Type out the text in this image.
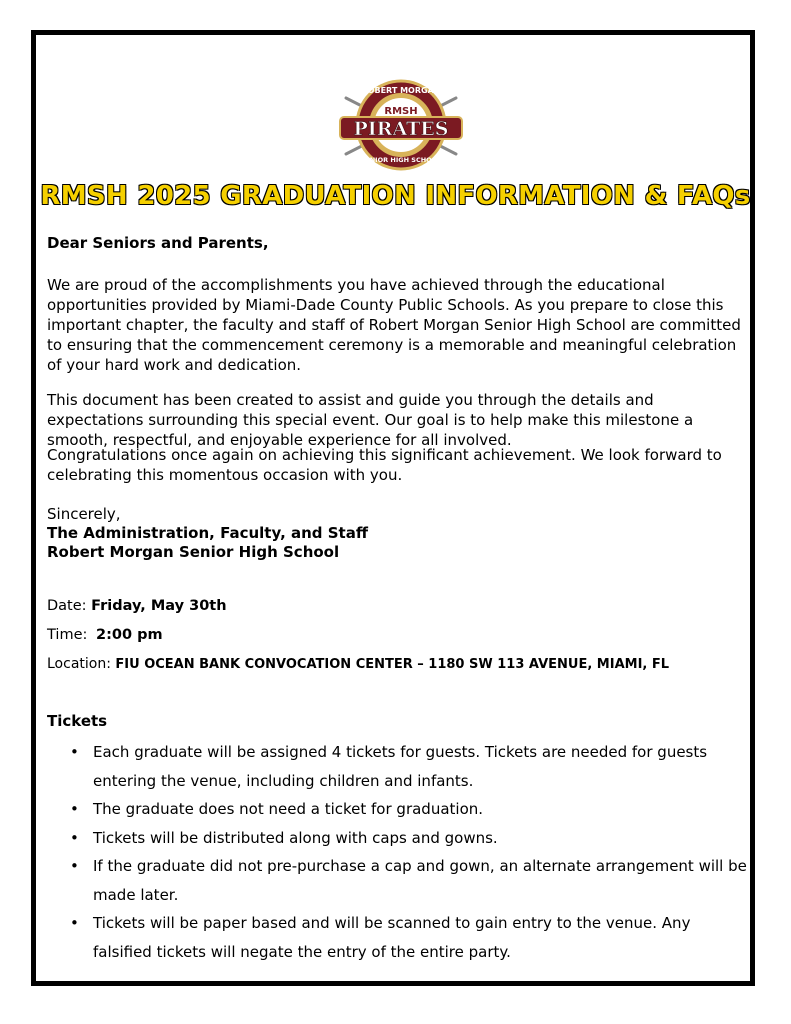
ROBERT MORGAN
RMSH
PIRATES
SENIOR HIGH SCHOOL
RMSH 2025 GRADUATION INFORMATION & FAQs
Dear Seniors and Parents,
We are proud of the accomplishments you have achieved through the educational opportunities provided by Miami-Dade County Public Schools. As you prepare to close this important chapter, the faculty and staff of Robert Morgan Senior High School are committed to ensuring that the commencement ceremony is a memorable and meaningful celebration of your hard work and dedication.
This document has been created to assist and guide you through the details and expectations surrounding this special event. Our goal is to help make this milestone a smooth, respectful, and enjoyable experience for all involved.
Congratulations once again on achieving this significant achievement. We look forward to celebrating this momentous occasion with you.
Sincerely,
The Administration, Faculty, and Staff
Robert Morgan Senior High School
Date: Friday, May 30th
Time: 2:00 pm
Location: FIU OCEAN BANK CONVOCATION CENTER – 1180 SW 113 AVENUE, MIAMI, FL
Tickets
• Each graduate will be assigned 4 tickets for guests. Tickets are needed for guests entering the venue, including children and infants.
• The graduate does not need a ticket for graduation.
• Tickets will be distributed along with caps and gowns.
• If the graduate did not pre-purchase a cap and gown, an alternate arrangement will be made later.
• Tickets will be paper based and will be scanned to gain entry to the venue. Any falsified tickets will negate the entry of the entire party.
